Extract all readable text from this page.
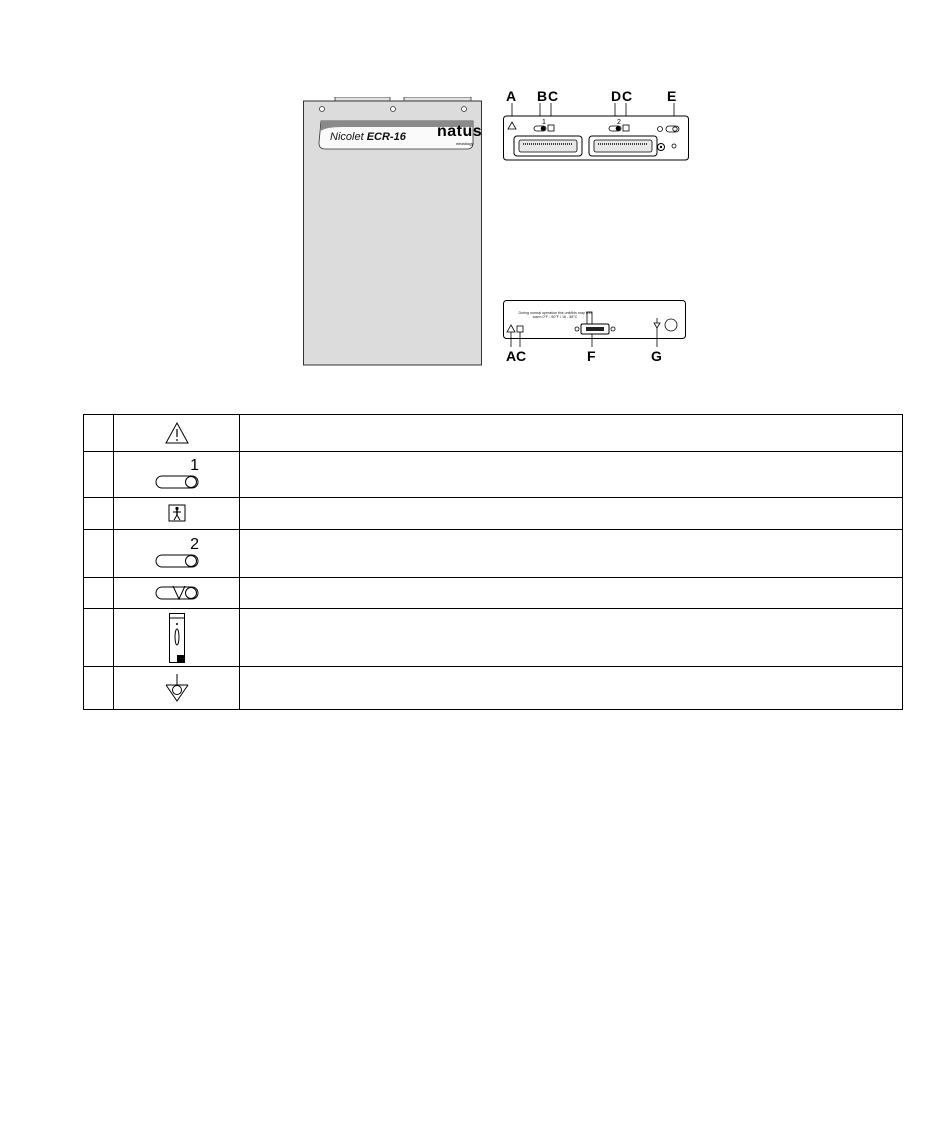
Nicolet ECR-16 natus
neurology
A B C	D C E
1	2
During normal operation this unit/this may feel warm 0°F - 50°F / 18 - 58°C
A C	F	G

	1	

	2	
